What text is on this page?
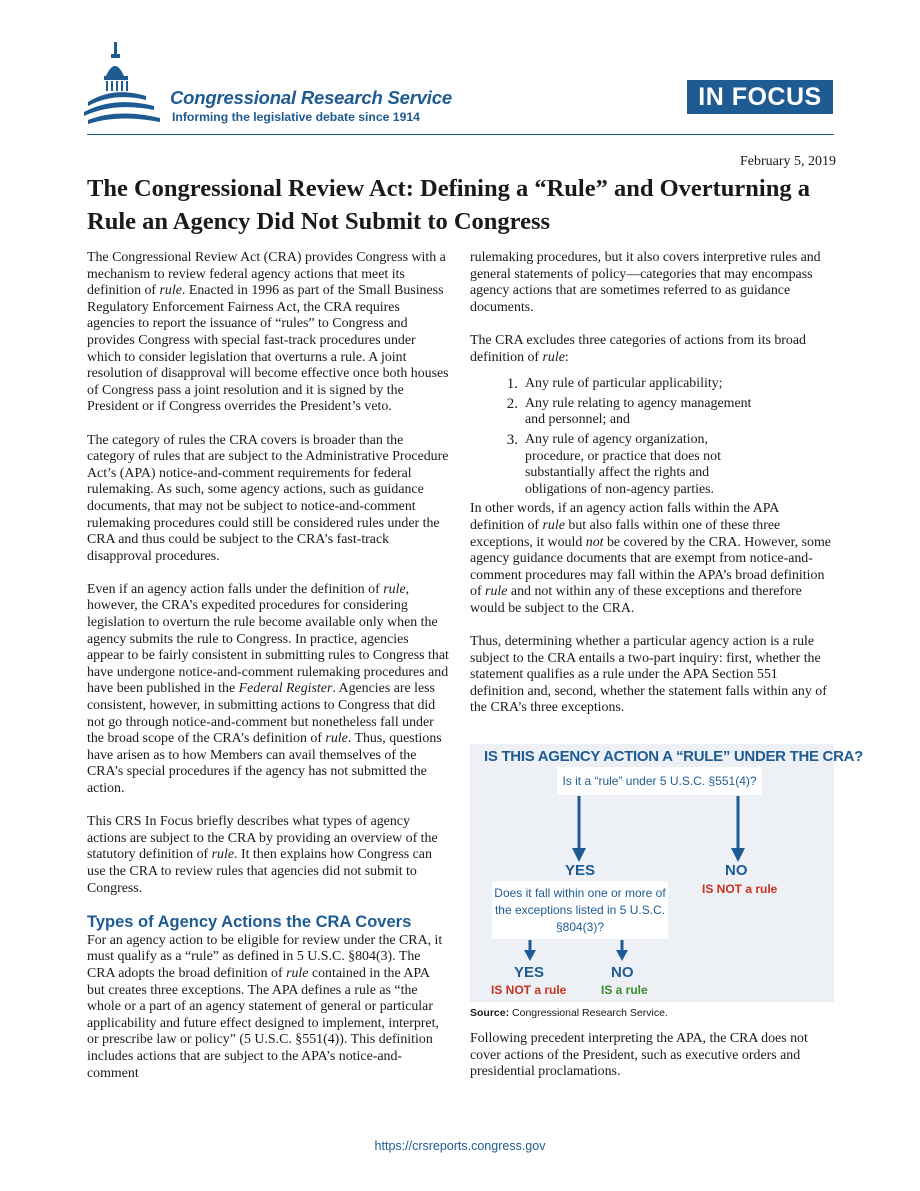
Congressional Research Service
Informing the legislative debate since 1914
IN FOCUS
February 5, 2019
The Congressional Review Act: Defining a “Rule” and Overturning a Rule an Agency Did Not Submit to Congress

The Congressional Review Act (CRA) provides Congress with a mechanism to review federal agency actions that meet its definition of rule. Enacted in 1996 as part of the Small Business Regulatory Enforcement Fairness Act, the CRA requires agencies to report the issuance of “rules” to Congress and provides Congress with special fast-track procedures under which to consider legislation that overturns a rule. A joint resolution of disapproval will become effective once both houses of Congress pass a joint resolution and it is signed by the President or if Congress overrides the President’s veto.

The category of rules the CRA covers is broader than the category of rules that are subject to the Administrative Procedure Act’s (APA) notice-and-comment requirements for federal rulemaking. As such, some agency actions, such as guidance documents, that may not be subject to notice-and-comment rulemaking procedures could still be considered rules under the CRA and thus could be subject to the CRA’s fast-track disapproval procedures.

Even if an agency action falls under the definition of rule, however, the CRA’s expedited procedures for considering legislation to overturn the rule become available only when the agency submits the rule to Congress. In practice, agencies appear to be fairly consistent in submitting rules to Congress that have undergone notice-and-comment rulemaking procedures and have been published in the Federal Register. Agencies are less consistent, however, in submitting actions to Congress that did not go through notice-and-comment but nonetheless fall under the broad scope of the CRA’s definition of rule. Thus, questions have arisen as to how Members can avail themselves of the CRA’s special procedures if the agency has not submitted the action.

This CRS In Focus briefly describes what types of agency actions are subject to the CRA by providing an overview of the statutory definition of rule. It then explains how Congress can use the CRA to review rules that agencies did not submit to Congress.

Types of Agency Actions the CRA Covers

For an agency action to be eligible for review under the CRA, it must qualify as a “rule” as defined in 5 U.S.C. §804(3). The CRA adopts the broad definition of rule contained in the APA but creates three exceptions. The APA defines a rule as “the whole or a part of an agency statement of general or particular applicability and future effect designed to implement, interpret, or prescribe law or policy” (5 U.S.C. §551(4)). This definition includes actions that are subject to the APA’s notice-and-comment

rulemaking procedures, but it also covers interpretive rules and general statements of policy—categories that may encompass agency actions that are sometimes referred to as guidance documents.

The CRA excludes three categories of actions from its broad definition of rule:

1. Any rule of particular applicability;
2. Any rule relating to agency management and personnel; and
3. Any rule of agency organization, procedure, or practice that does not substantially affect the rights and obligations of non-agency parties.

In other words, if an agency action falls within the APA definition of rule but also falls within one of these three exceptions, it would not be covered by the CRA. However, some agency guidance documents that are exempt from notice-and-comment procedures may fall within the APA’s broad definition of rule and not within any of these exceptions and therefore would be subject to the CRA.

Thus, determining whether a particular agency action is a rule subject to the CRA entails a two-part inquiry: first, whether the statement qualifies as a rule under the APA Section 551 definition and, second, whether the statement falls within any of the CRA’s three exceptions.

IS THIS AGENCY ACTION A “RULE” UNDER THE CRA?
Is it a “rule” under 5 U.S.C. §551(4)?
YES	NO
IS NOT a rule
Does it fall within one or more of the exceptions listed in 5 U.S.C. §804(3)?
YES
IS NOT a rule
NO
IS a rule
Source: Congressional Research Service.

Following precedent interpreting the APA, the CRA does not cover actions of the President, such as executive orders and presidential proclamations.

https://crsreports.congress.gov
